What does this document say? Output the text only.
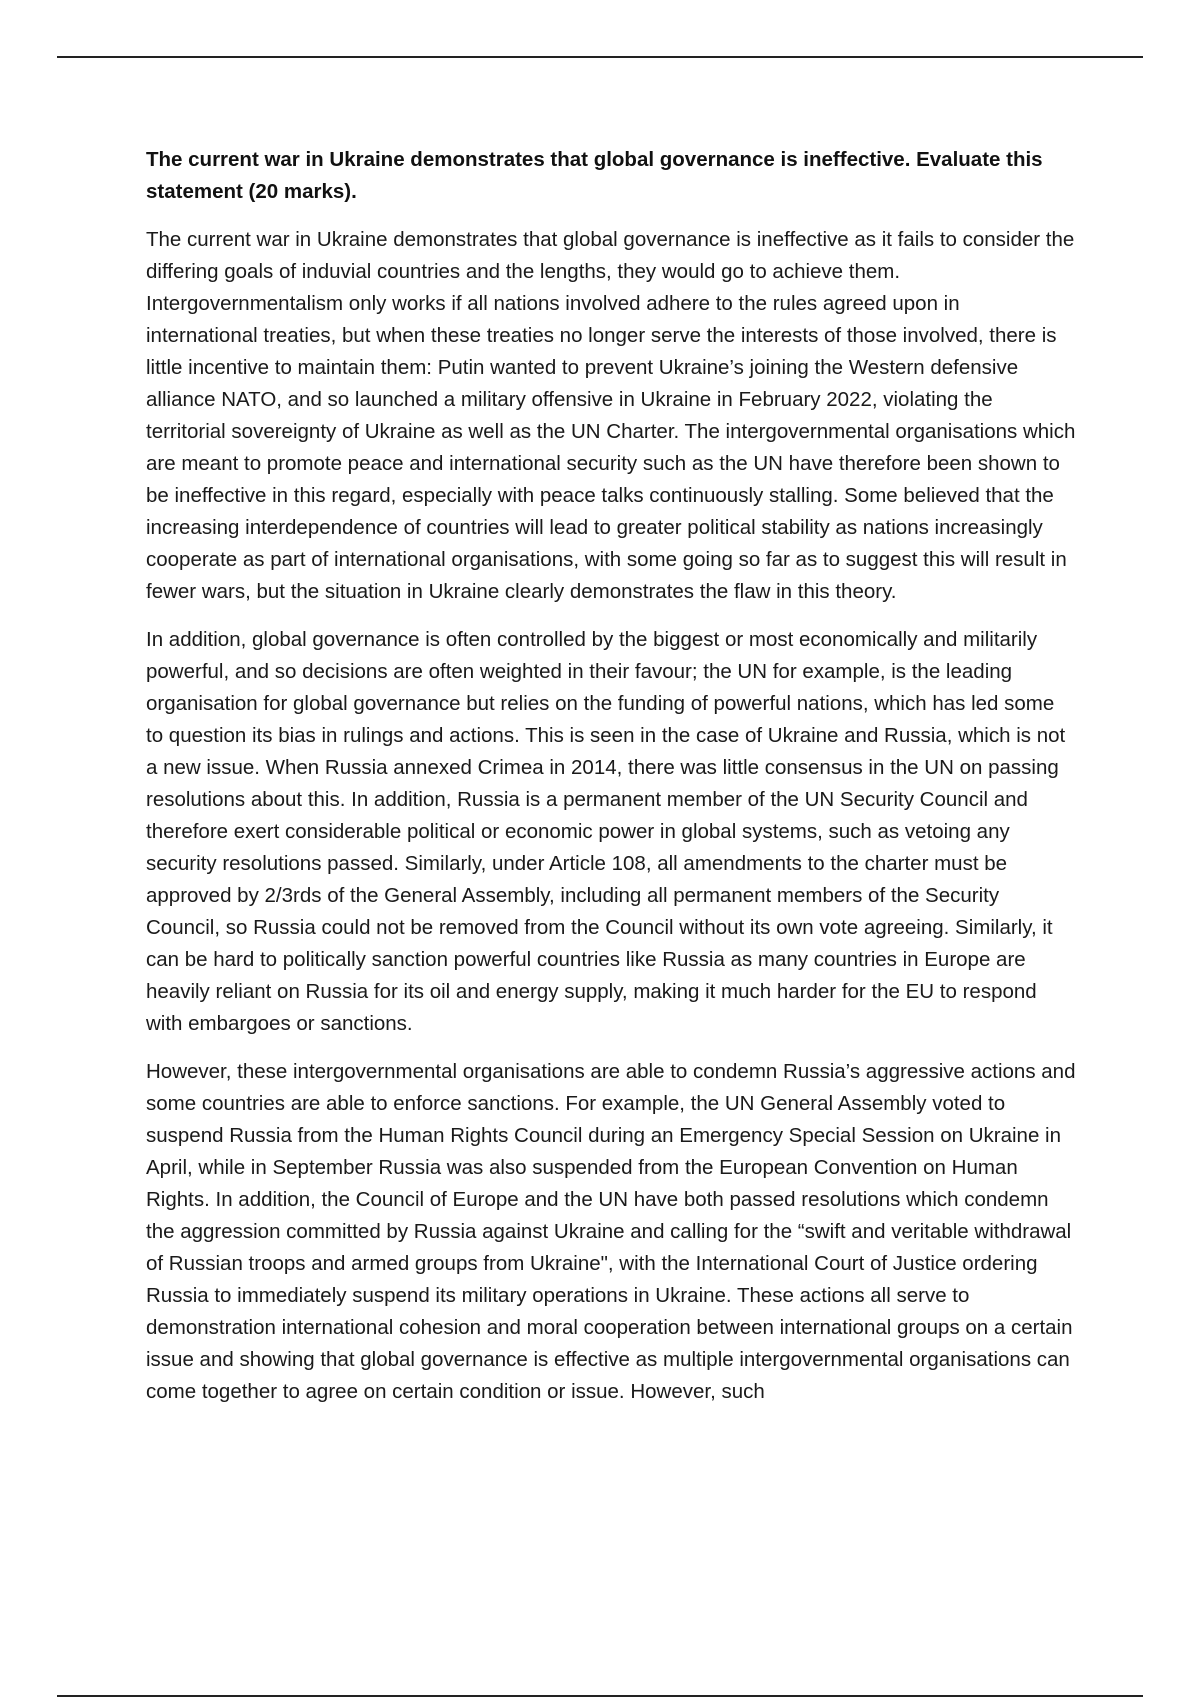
The current war in Ukraine demonstrates that global governance is ineffective. Evaluate this statement (20 marks).

The current war in Ukraine demonstrates that global governance is ineffective as it fails to consider the differing goals of induvial countries and the lengths, they would go to achieve them. Intergovernmentalism only works if all nations involved adhere to the rules agreed upon in international treaties, but when these treaties no longer serve the interests of those involved, there is little incentive to maintain them: Putin wanted to prevent Ukraine’s joining the Western defensive alliance NATO, and so launched a military offensive in Ukraine in February 2022, violating the territorial sovereignty of Ukraine as well as the UN Charter. The intergovernmental organisations which are meant to promote peace and international security such as the UN have therefore been shown to be ineffective in this regard, especially with peace talks continuously stalling. Some believed that the increasing interdependence of countries will lead to greater political stability as nations increasingly cooperate as part of international organisations, with some going so far as to suggest this will result in fewer wars, but the situation in Ukraine clearly demonstrates the flaw in this theory.

In addition, global governance is often controlled by the biggest or most economically and militarily powerful, and so decisions are often weighted in their favour; the UN for example, is the leading organisation for global governance but relies on the funding of powerful nations, which has led some to question its bias in rulings and actions. This is seen in the case of Ukraine and Russia, which is not a new issue. When Russia annexed Crimea in 2014, there was little consensus in the UN on passing resolutions about this. In addition, Russia is a permanent member of the UN Security Council and therefore exert considerable political or economic power in global systems, such as vetoing any security resolutions passed. Similarly, under Article 108, all amendments to the charter must be approved by 2/3rds of the General Assembly, including all permanent members of the Security Council, so Russia could not be removed from the Council without its own vote agreeing. Similarly, it can be hard to politically sanction powerful countries like Russia as many countries in Europe are heavily reliant on Russia for its oil and energy supply, making it much harder for the EU to respond with embargoes or sanctions.

However, these intergovernmental organisations are able to condemn Russia’s aggressive actions and some countries are able to enforce sanctions. For example, the UN General Assembly voted to suspend Russia from the Human Rights Council during an Emergency Special Session on Ukraine in April, while in September Russia was also suspended from the European Convention on Human Rights. In addition, the Council of Europe and the UN have both passed resolutions which condemn the aggression committed by Russia against Ukraine and calling for the “swift and veritable withdrawal of Russian troops and armed groups from Ukraine", with the International Court of Justice ordering Russia to immediately suspend its military operations in Ukraine. These actions all serve to demonstration international cohesion and moral cooperation between international groups on a certain issue and showing that global governance is effective as multiple intergovernmental organisations can come together to agree on certain condition or issue. However, such
